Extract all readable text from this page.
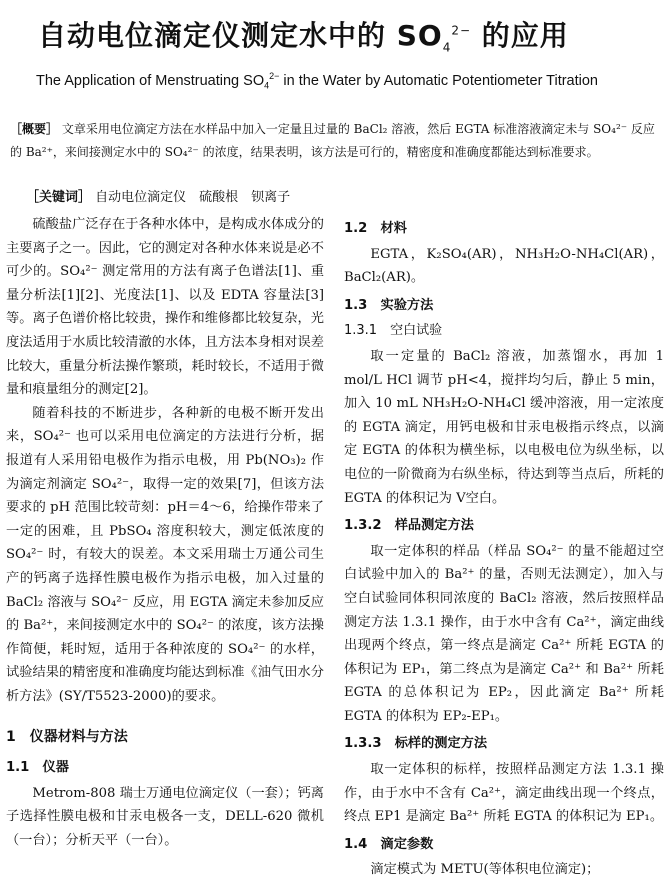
自动电位滴定仪测定水中的 $SO_4^{2-}$ 的应用
The Application of Menstruating $SO_4^{2-}$ in the Water by Automatic Potentiometer Titration
［概要］ 文章采用电位滴定方法在水样品中加入一定量且过量的 BaCl₂ 溶液，然后 EGTA 标准溶液滴定未与 SO₄²⁻ 反应的 Ba²⁺，来间接测定水中的 SO₄²⁻ 的浓度，结果表明，该方法是可行的，精密度和准确度都能达到标准要求。
［关键词］ 自动电位滴定仪　硫酸根　钡离子

硫酸盐广泛存在于各种水体中，是构成水体成分的主要离子之一。因此，它的测定对各种水体来说是必不可少的。SO₄²⁻ 测定常用的方法有离子色谱法[1]、重量分析法[1][2]、光度法[1]、以及 EDTA 容量法[3]等。离子色谱价格比较贵，操作和维修都比较复杂，光度法适用于水质比较清澈的水体，且方法本身相对误差比较大，重量分析法操作繁琐，耗时较长，不适用于微量和痕量组分的测定[2]。

随着科技的不断进步，各种新的电极不断开发出来，SO₄²⁻ 也可以采用电位滴定的方法进行分析，据报道有人采用铅电极作为指示电极，用 Pb(NO₃)₂ 作为滴定剂滴定 SO₄²⁻，取得一定的效果[7]，但该方法要求的 pH 范围比较苛刻：pH＝4～6，给操作带来了一定的困难，且 PbSO₄ 溶度积较大，测定低浓度的 SO₄²⁻ 时，有较大的误差。本文采用瑞士万通公司生产的钙离子选择性膜电极作为指示电极，加入过量的 BaCl₂ 溶液与 SO₄²⁻ 反应，用 EGTA 滴定未参加反应的 Ba²⁺，来间接测定水中的 SO₄²⁻ 的浓度，该方法操作简便，耗时短，适用于各种浓度的 SO₄²⁻ 的水样，试验结果的精密度和准确度均能达到标准《油气田水分析方法》(SY/T5523-2000)的要求。

1　仪器材料与方法
1.1　仪器

Metrom-808 瑞士万通电位滴定仪（一套）；钙离子选择性膜电极和甘汞电极各一支，DELL-620 微机（一台）；分析天平（一台）。

1.2　材料

EGTA，K₂SO₄(AR)，NH₃H₂O-NH₄Cl(AR)，BaCl₂(AR)。

1.3　实验方法
1.3.1　空白试验

取一定量的 BaCl₂ 溶液，加蒸馏水，再加 1 mol/L HCl 调节 pH<4，搅拌均匀后，静止 5 min，加入 10 mL NH₃H₂O-NH₄Cl 缓冲溶液，用一定浓度的 EGTA 滴定，用钙电极和甘汞电极指示终点，以滴定 EGTA 的体积为横坐标，以电极电位为纵坐标，以电位的一阶微商为右纵坐标，待达到等当点后，所耗的 EGTA 的体积记为 V空白。

1.3.2　样品测定方法

取一定体积的样品（样品 SO₄²⁻ 的量不能超过空白试验中加入的 Ba²⁺ 的量，否则无法测定），加入与空白试验同体积同浓度的 BaCl₂ 溶液，然后按照样品测定方法 1.3.1 操作，由于水中含有 Ca²⁺，滴定曲线出现两个终点，第一终点是滴定 Ca²⁺ 所耗 EGTA 的体积记为 EP₁，第二终点为是滴定 Ca²⁺ 和 Ba²⁺ 所耗 EGTA 的总体积记为 EP₂，因此滴定 Ba²⁺ 所耗 EGTA 的体积为 EP₂-EP₁。

1.3.3　标样的测定方法

取一定体积的标样，按照样品测定方法 1.3.1 操作，由于水中不含有 Ca²⁺，滴定曲线出现一个终点，终点 EP1 是滴定 Ba²⁺ 所耗 EGTA 的体积记为 EP₁。

1.4　滴定参数

滴定模式为 METU(等体积电位滴定)；
